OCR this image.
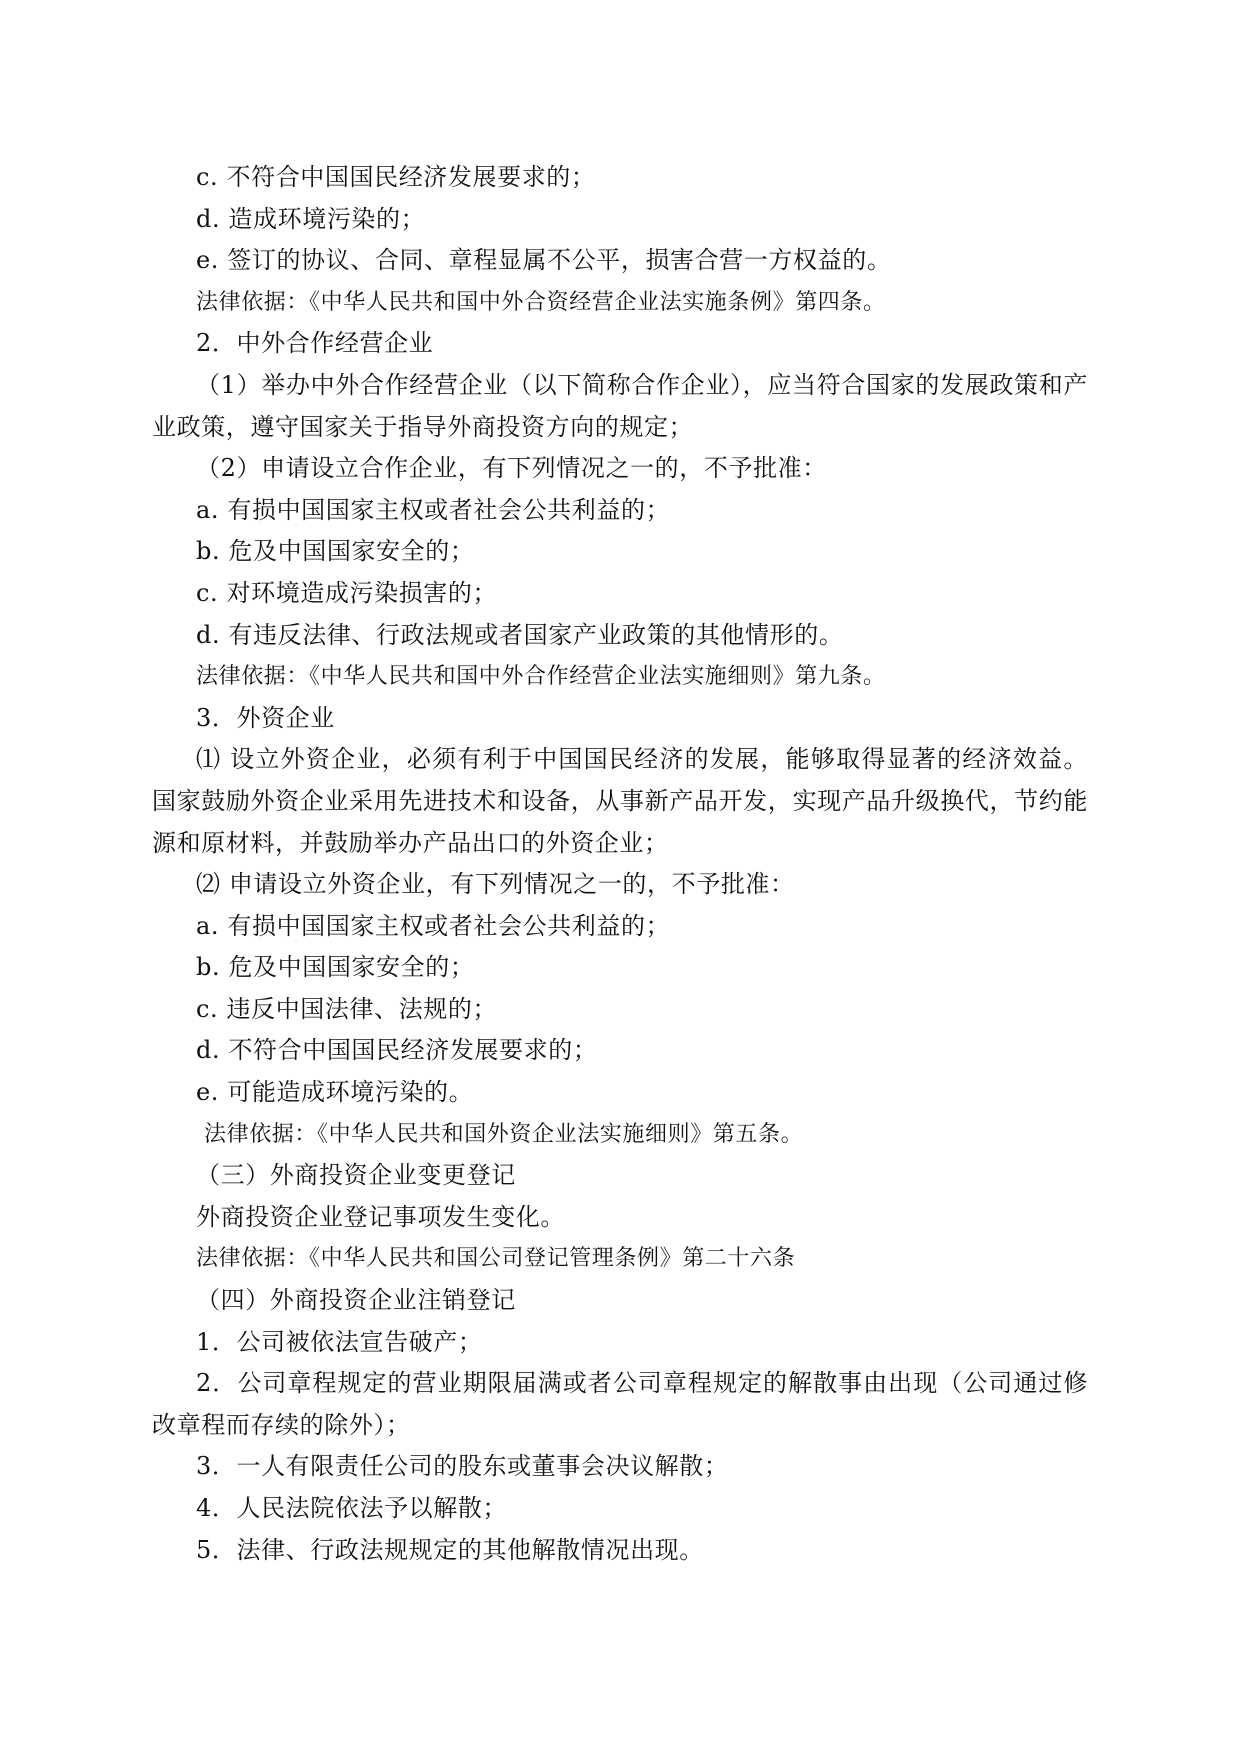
c. 不符合中国国民经济发展要求的；
d. 造成环境污染的；
e. 签订的协议、合同、章程显属不公平，损害合营一方权益的。
法律依据：《中华人民共和国中外合资经营企业法实施条例》第四条。
2．中外合作经营企业
（1）举办中外合作经营企业（以下简称合作企业），应当符合国家的发展政策和产业政策，遵守国家关于指导外商投资方向的规定；
（2）申请设立合作企业，有下列情况之一的，不予批准：
a. 有损中国国家主权或者社会公共利益的；
b. 危及中国国家安全的；
c. 对环境造成污染损害的；
d. 有违反法律、行政法规或者国家产业政策的其他情形的。
法律依据：《中华人民共和国中外合作经营企业法实施细则》第九条。
3．外资企业
⑴ 设立外资企业，必须有利于中国国民经济的发展，能够取得显著的经济效益。国家鼓励外资企业采用先进技术和设备，从事新产品开发，实现产品升级换代，节约能源和原材料，并鼓励举办产品出口的外资企业；
⑵ 申请设立外资企业，有下列情况之一的，不予批准：
a. 有损中国国家主权或者社会公共利益的；
b. 危及中国国家安全的；
c. 违反中国法律、法规的；
d. 不符合中国国民经济发展要求的；
e. 可能造成环境污染的。
法律依据：《中华人民共和国外资企业法实施细则》第五条。
（三）外商投资企业变更登记
外商投资企业登记事项发生变化。
法律依据：《中华人民共和国公司登记管理条例》第二十六条
（四）外商投资企业注销登记
1．公司被依法宣告破产；
2．公司章程规定的营业期限届满或者公司章程规定的解散事由出现（公司通过修改章程而存续的除外）；
3．一人有限责任公司的股东或董事会决议解散；
4．人民法院依法予以解散；
5．法律、行政法规规定的其他解散情况出现。
